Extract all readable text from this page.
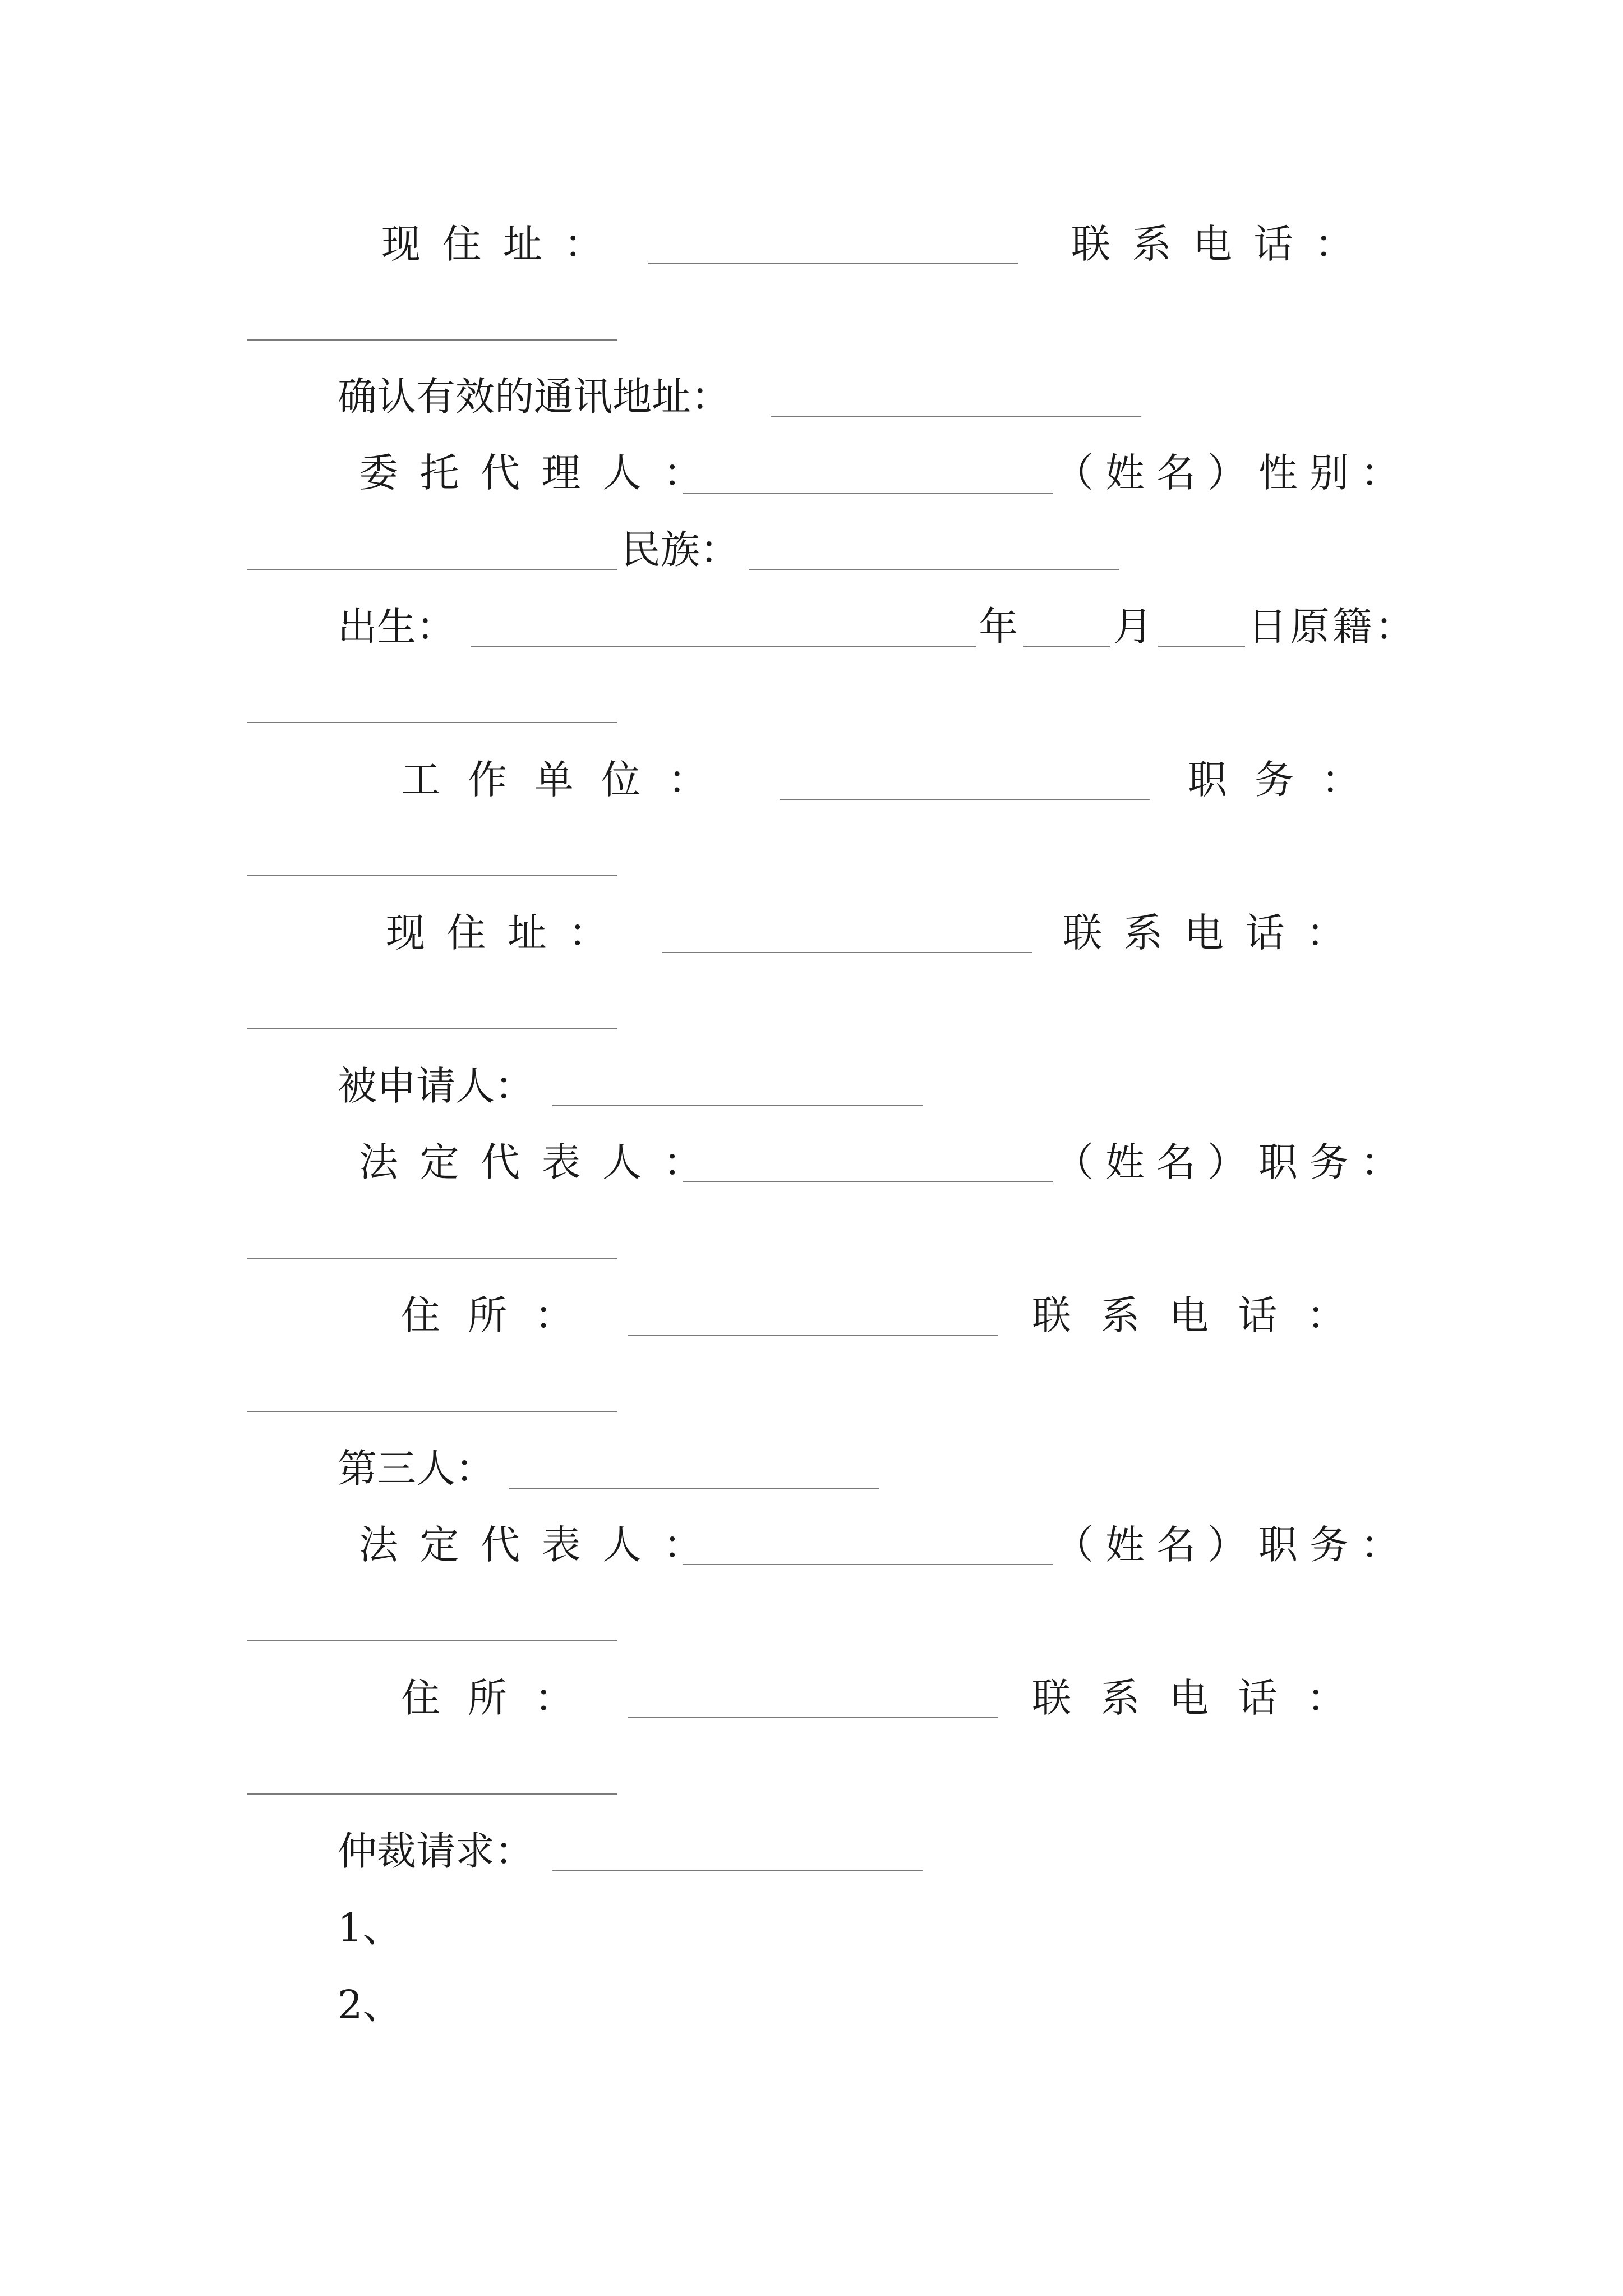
现住址：	联系电话：
确认有效的通讯地址：
委托代理人：	（姓名）性别：
民族：
出生：	年 月 日原籍：
工作单位：	职务：
现住址：	联系电话：
被申请人：
法定代表人：	（姓名）职务：
住所：	联系电话：
第三人：
法定代表人：	（姓名）职务：
住所：	联系电话：
仲裁请求：
1、
2、
